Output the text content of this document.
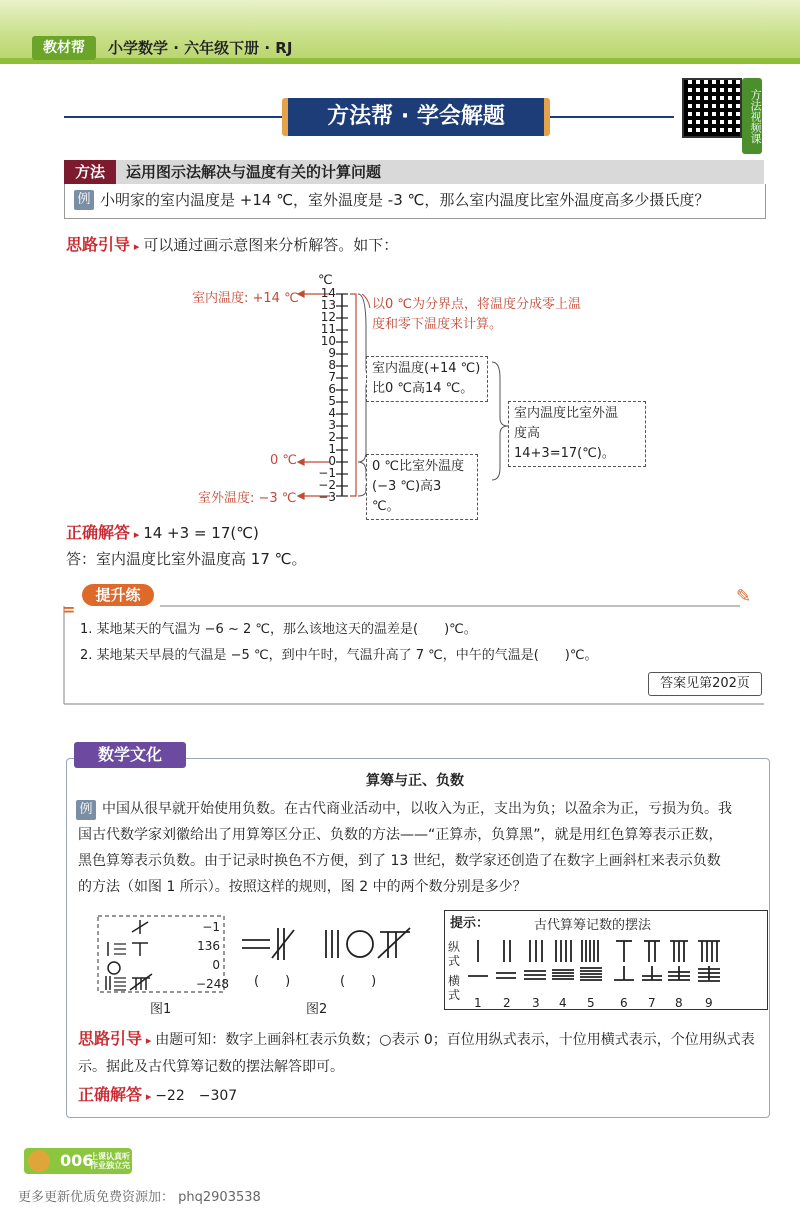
教材帮	小学数学 · 六年级下册 · RJ
方法帮 · 学会解题	方法视频课
方法	运用图示法解决与温度有关的计算问题
例 小明家的室内温度是 +14 ℃，室外温度是 -3 ℃，那么室内温度比室外温度高多少摄氏度？
思路引导 ▸ 可以通过画示意图来分析解答。如下：
℃
14
13
12
11
10
9
8
7
6
5
4
3
2
1
0
−1
−2
−3
室内温度: +14 ℃
0 ℃
室外温度: −3 ℃
以0 ℃为分界点，将温度分成零上温
度和零下温度来计算。
室内温度(+14 ℃)
比0 ℃高14 ℃。
0 ℃比室外温度
(−3 ℃)高3 ℃。
室内温度比室外温
度高14+3=17(℃)。
正确解答 ▸ 14 +3 = 17(℃)
答：室内温度比室外温度高 17 ℃。
=
提升练	✎
1. 某地某天的气温为 −6 ~ 2 ℃，那么该地这天的温差是(　　)℃。
2. 某地某天早晨的气温是 −5 ℃，到中午时，气温升高了 7 ℃，中午的气温是(　　)℃。
答案见第202页
数学文化
算筹与正、负数
例 中国从很早就开始使用负数。在古代商业活动中，以收入为正，支出为负；以盈余为正，亏损为负。我
国古代数学家刘徽给出了用算筹区分正、负数的方法——“正算赤，负算黑”，就是用红色算筹表示正数，
黑色算筹表示负数。由于记录时换色不方便，到了 13 世纪，数学家还创造了在数字上画斜杠来表示负数
的方法（如图 1 所示）。按照这样的规则，图 2 中的两个数分别是多少？
−1
136
0
−248
图1
(　　)	(　　)
图2
提示：	古代算筹记数的摆法
纵式
横式
1 2 3 4 5 6 7 8 9
思路引导 ▸ 由题可知：数字上画斜杠表示负数；○表示 0；百位用纵式表示，十位用横式表示，个位用纵式表
示。据此及古代算筹记数的摆法解答即可。
正确解答 ▸ −22　−307
006
上课认真听 作业独立完
更多更新优质免费资源加： phq2903538
